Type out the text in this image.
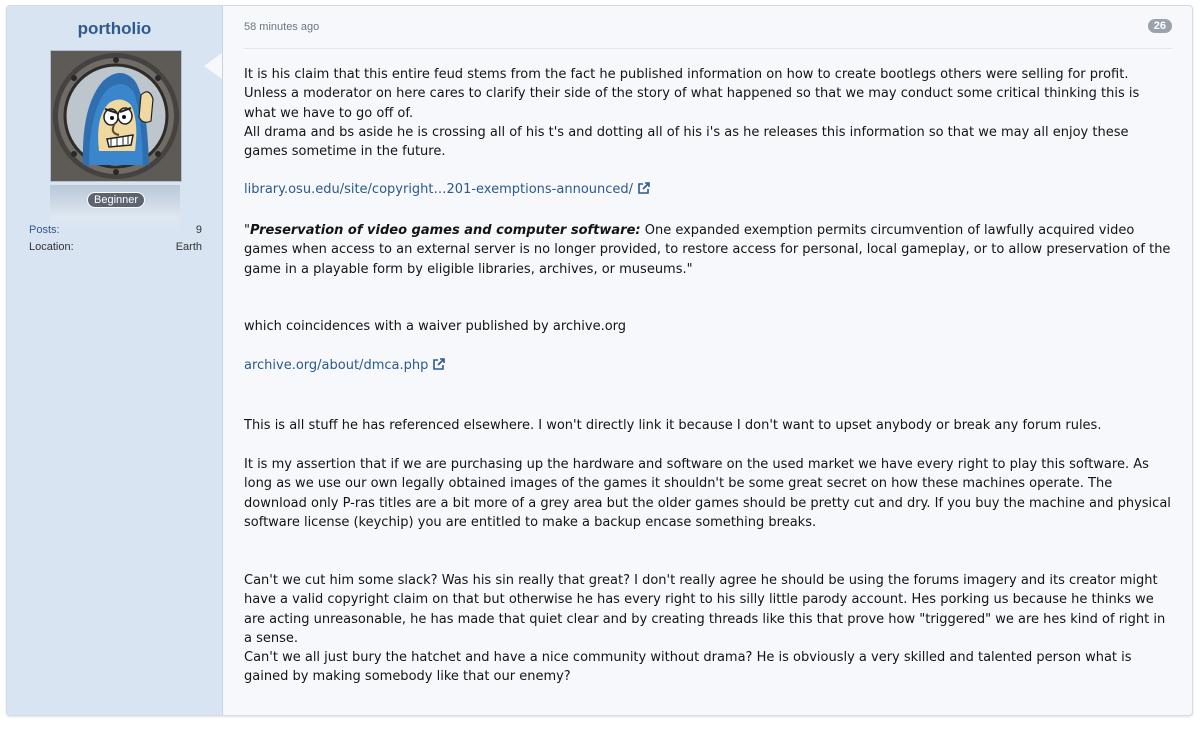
portholio
Beginner
Posts:	9
Location:	Earth
58 minutes ago	26

It is his claim that this entire feud stems from the fact he published information on how to create bootlegs others were selling for profit. Unless a moderator on here cares to clarify their side of the story of what happened so that we may conduct some critical thinking this is what we have to go off of.

All drama and bs aside he is crossing all of his t's and dotting all of his i's as he releases this information so that we may all enjoy these games sometime in the future.

library.osu.edu/site/copyright…201-exemptions-announced/

"Preservation of video games and computer software: One expanded exemption permits circumvention of lawfully acquired video games when access to an external server is no longer provided, to restore access for personal, local gameplay, or to allow preservation of the game in a playable form by eligible libraries, archives, or museums."

which coincidences with a waiver published by archive.org

archive.org/about/dmca.php

This is all stuff he has referenced elsewhere. I won't directly link it because I don't want to upset anybody or break any forum rules.

It is my assertion that if we are purchasing up the hardware and software on the used market we have every right to play this software. As long as we use our own legally obtained images of the games it shouldn't be some great secret on how these machines operate. The download only P-ras titles are a bit more of a grey area but the older games should be pretty cut and dry. If you buy the machine and physical software license (keychip) you are entitled to make a backup encase something breaks.

Can't we cut him some slack? Was his sin really that great? I don't really agree he should be using the forums imagery and its creator might have a valid copyright claim on that but otherwise he has every right to his silly little parody account. Hes porking us because he thinks we are acting unreasonable, he has made that quiet clear and by creating threads like this that prove how "triggered" we are hes kind of right in a sense.

Can't we all just bury the hatchet and have a nice community without drama? He is obviously a very skilled and talented person what is gained by making somebody like that our enemy?
